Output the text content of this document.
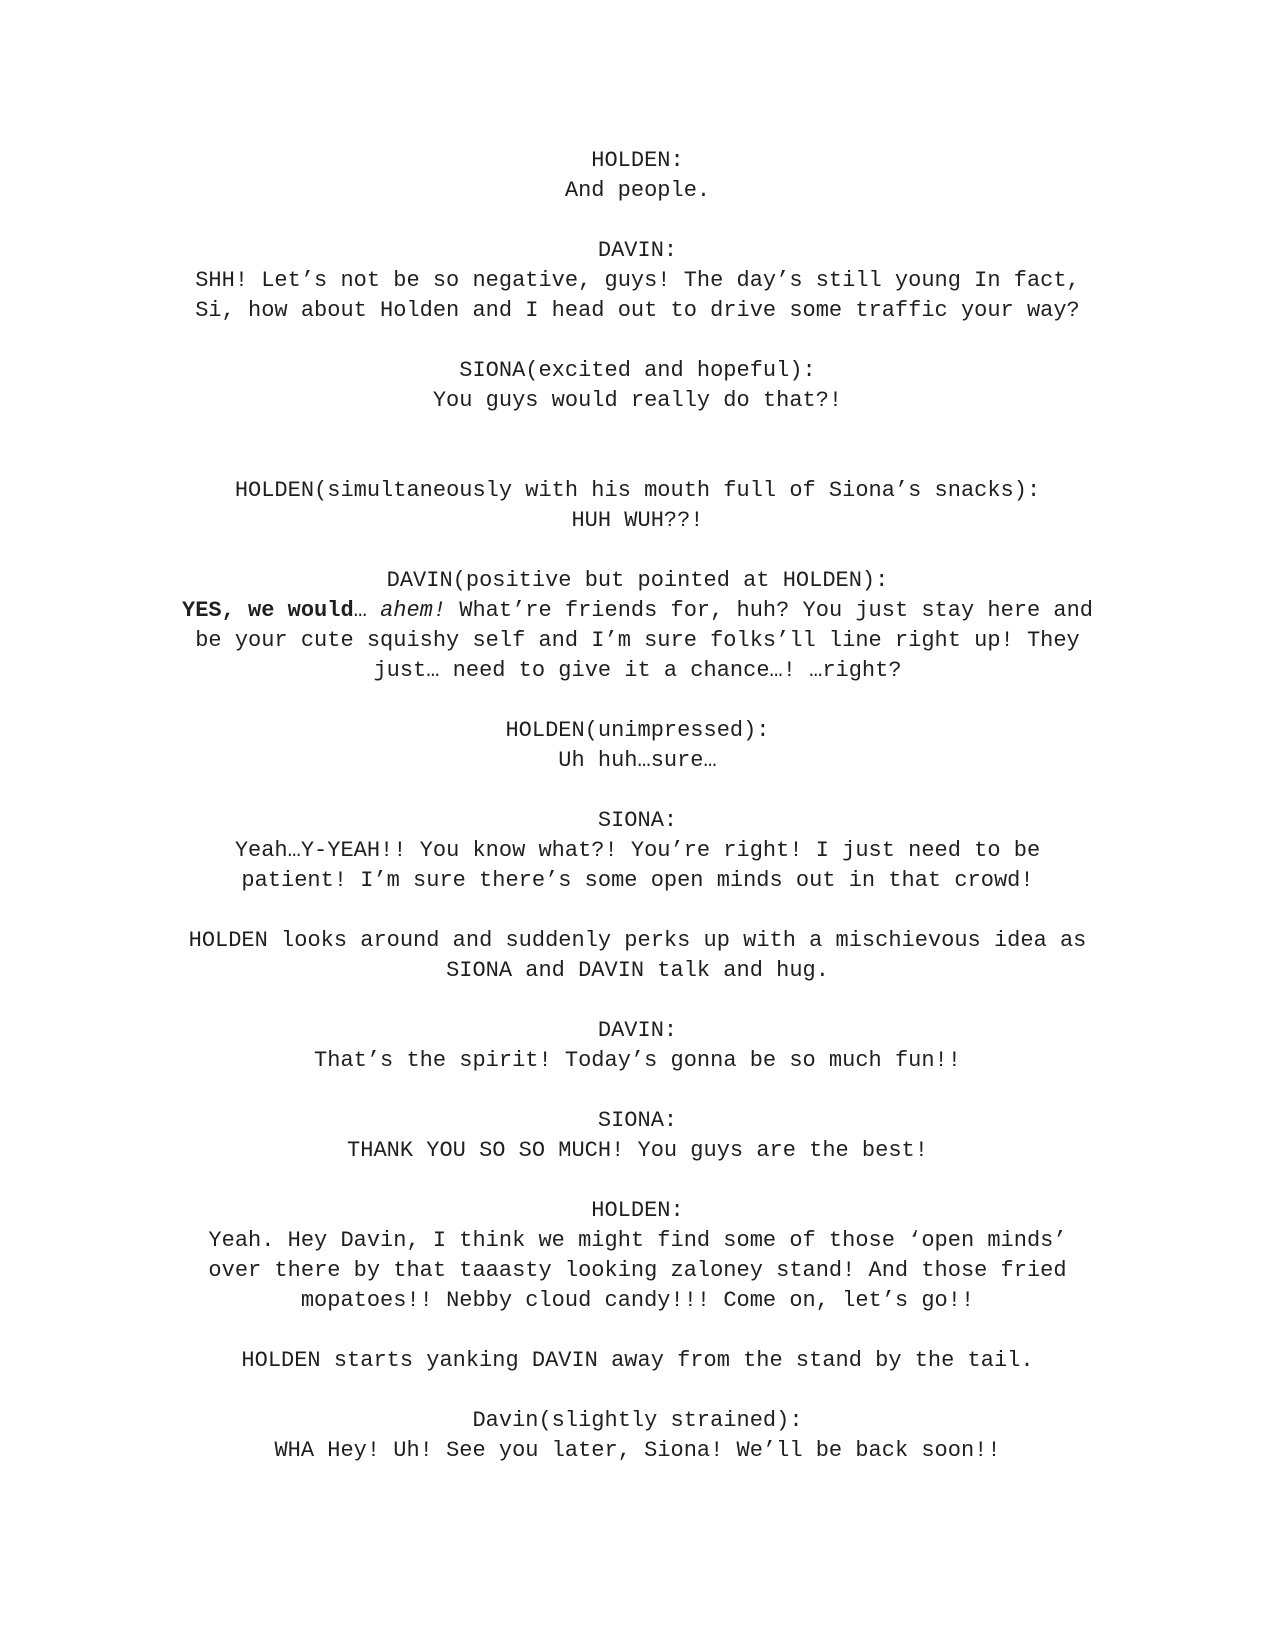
HOLDEN:
And people.
DAVIN:
SHH! Let’s not be so negative, guys! The day’s still young In fact,
Si, how about Holden and I head out to drive some traffic your way?
SIONA(excited and hopeful):
You guys would really do that?!
HOLDEN(simultaneously with his mouth full of Siona’s snacks):
HUH WUH??!
DAVIN(positive but pointed at HOLDEN):
YES, we would… ahem! What’re friends for, huh? You just stay here and
be your cute squishy self and I’m sure folks’ll line right up! They
just… need to give it a chance…! …right?
HOLDEN(unimpressed):
Uh huh…sure…
SIONA:
Yeah…Y-YEAH!! You know what?! You’re right! I just need to be
patient! I’m sure there’s some open minds out in that crowd!
HOLDEN looks around and suddenly perks up with a mischievous idea as
SIONA and DAVIN talk and hug.
DAVIN:
That’s the spirit! Today’s gonna be so much fun!!
SIONA:
THANK YOU SO SO MUCH! You guys are the best!
HOLDEN:
Yeah. Hey Davin, I think we might find some of those ‘open minds’
over there by that taaasty looking zaloney stand! And those fried
mopatoes!! Nebby cloud candy!!! Come on, let’s go!!
HOLDEN starts yanking DAVIN away from the stand by the tail.
Davin(slightly strained):
WHA Hey! Uh! See you later, Siona! We’ll be back soon!!
